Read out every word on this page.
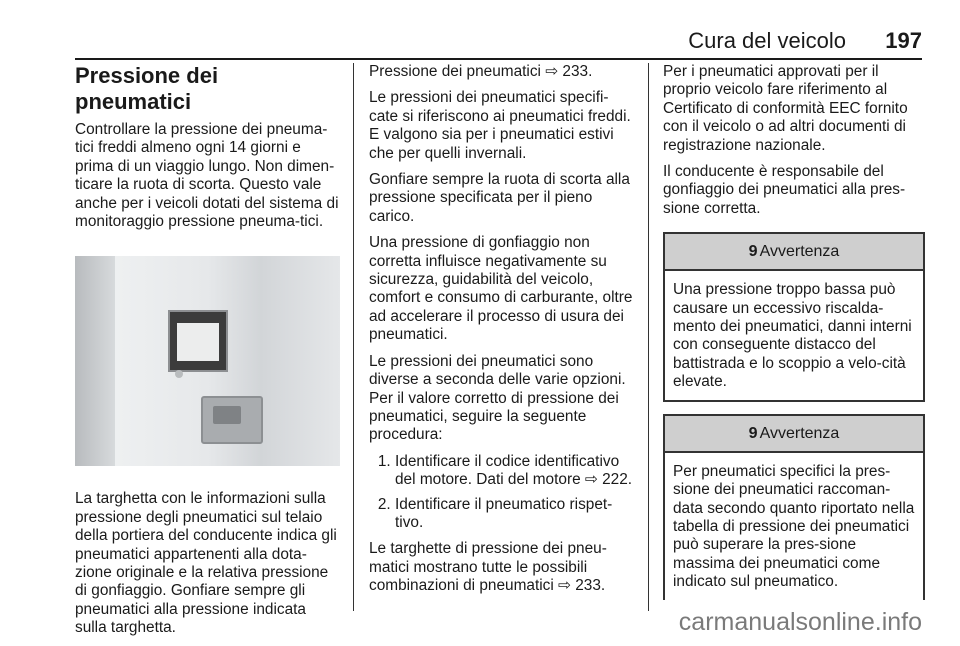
Cura del veicolo 197
Pressione dei pneumatici

Controllare la pressione dei pneuma-tici freddi almeno ogni 14 giorni e prima di un viaggio lungo. Non dimen-ticare la ruota di scorta. Questo vale anche per i veicoli dotati del sistema di monitoraggio pressione pneuma-tici.

La targhetta con le informazioni sulla pressione degli pneumatici sul telaio della portiera del conducente indica gli pneumatici appartenenti alla dota-zione originale e la relativa pressione di gonfiaggio. Gonfiare sempre gli pneumatici alla pressione indicata sulla targhetta.

Pressione dei pneumatici ⇨ 233.

Le pressioni dei pneumatici specifi-cate si riferiscono ai pneumatici freddi. E valgono sia per i pneumatici estivi che per quelli invernali.

Gonfiare sempre la ruota di scorta alla pressione specificata per il pieno carico.

Una pressione di gonfiaggio non corretta influisce negativamente su sicurezza, guidabilità del veicolo, comfort e consumo di carburante, oltre ad accelerare il processo di usura dei pneumatici.

Le pressioni dei pneumatici sono diverse a seconda delle varie opzioni. Per il valore corretto di pressione dei pneumatici, seguire la seguente procedura:

1. Identificare il codice identificativo del motore. Dati del motore ⇨ 222.
2. Identificare il pneumatico rispet-tivo.

Le targhette di pressione dei pneu-matici mostrano tutte le possibili combinazioni di pneumatici ⇨ 233.

Per i pneumatici approvati per il proprio veicolo fare riferimento al Certificato di conformità EEC fornito con il veicolo o ad altri documenti di registrazione nazionale.

Il conducente è responsabile del gonfiaggio dei pneumatici alla pres-sione corretta.

9 Avvertenza
Una pressione troppo bassa può causare un eccessivo riscalda-mento dei pneumatici, danni interni con conseguente distacco del battistrada e lo scoppio a velo-cità elevate.
9 Avvertenza
Per pneumatici specifici la pres-sione dei pneumatici raccoman-data secondo quanto riportato nella tabella di pressione dei pneumatici può superare la pres-sione massima dei pneumatici come indicato sul pneumatico.
carmanualsonline.info
